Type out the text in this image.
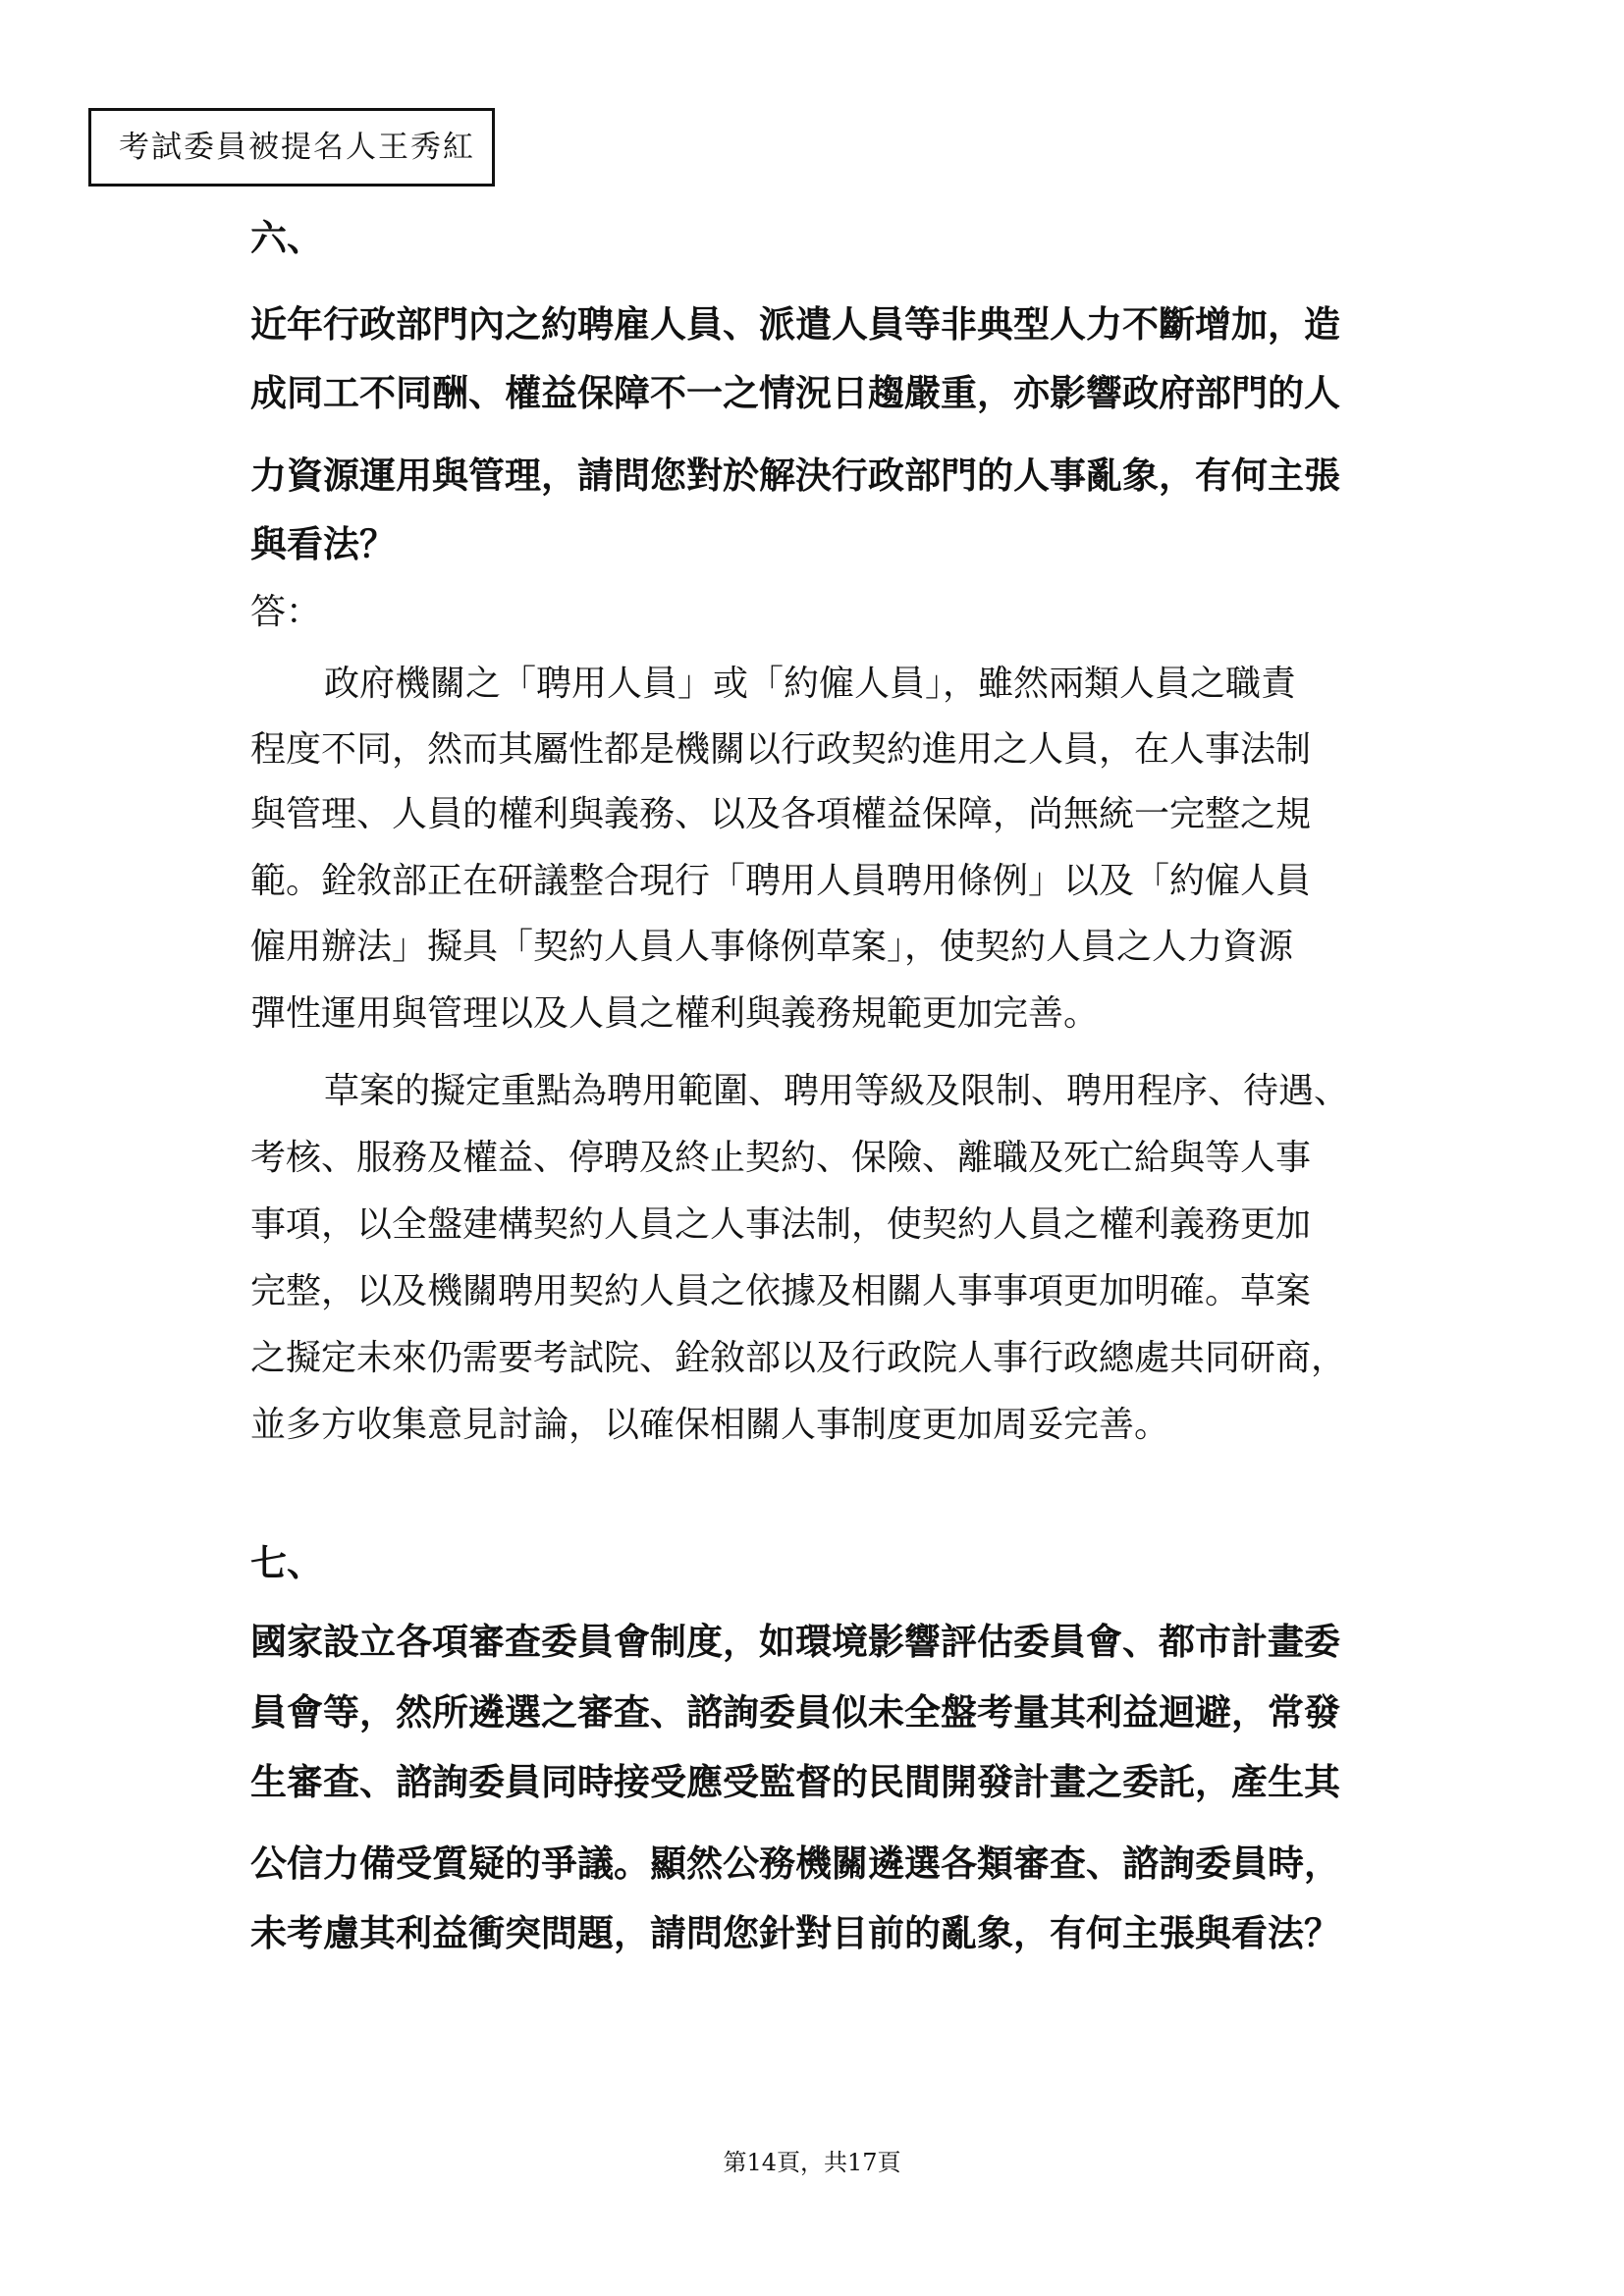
考試委員被提名人王秀紅
六、
近年行政部門內之約聘雇人員、派遣人員等非典型人力不斷增加，造
成同工不同酬、權益保障不一之情況日趨嚴重，亦影響政府部門的人
力資源運用與管理，請問您對於解決行政部門的人事亂象，有何主張
與看法？
答：
政府機關之「聘用人員」或「約僱人員」，雖然兩類人員之職責
程度不同，然而其屬性都是機關以行政契約進用之人員，在人事法制
與管理、人員的權利與義務、以及各項權益保障，尚無統一完整之規
範。銓敘部正在研議整合現行「聘用人員聘用條例」以及「約僱人員
僱用辦法」擬具「契約人員人事條例草案」，使契約人員之人力資源
彈性運用與管理以及人員之權利與義務規範更加完善。
草案的擬定重點為聘用範圍、聘用等級及限制、聘用程序、待遇、
考核、服務及權益、停聘及終止契約、保險、離職及死亡給與等人事
事項，以全盤建構契約人員之人事法制，使契約人員之權利義務更加
完整，以及機關聘用契約人員之依據及相關人事事項更加明確。草案
之擬定未來仍需要考試院、銓敘部以及行政院人事行政總處共同研商，
並多方收集意見討論，以確保相關人事制度更加周妥完善。
七、
國家設立各項審查委員會制度，如環境影響評估委員會、都市計畫委
員會等，然所遴選之審查、諮詢委員似未全盤考量其利益迴避，常發
生審查、諮詢委員同時接受應受監督的民間開發計畫之委託，產生其
公信力備受質疑的爭議。顯然公務機關遴選各類審查、諮詢委員時，
未考慮其利益衝突問題，請問您針對目前的亂象，有何主張與看法？
第14頁，共17頁
